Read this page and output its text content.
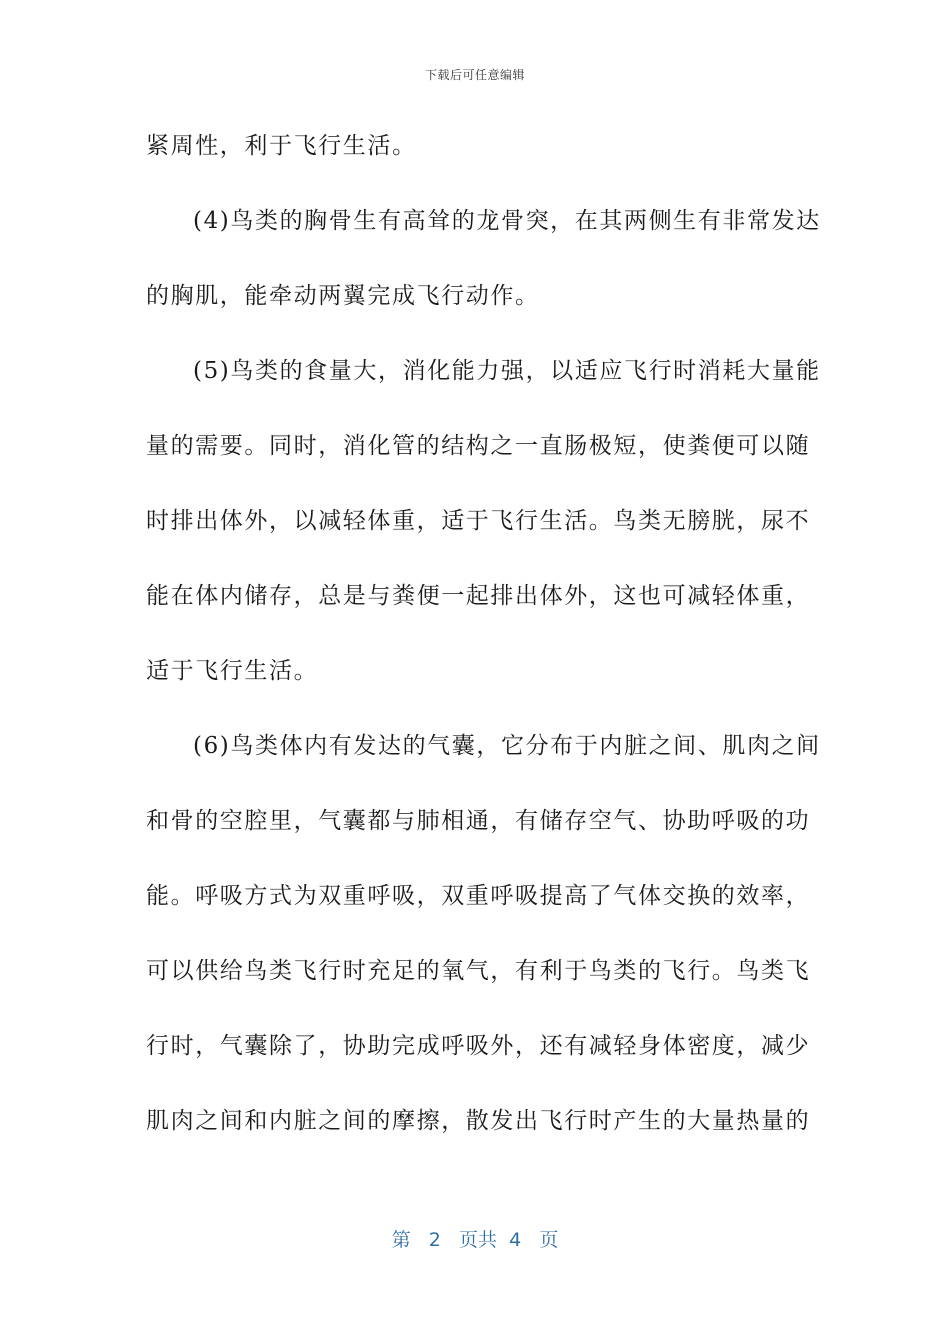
下载后可任意编辑
紧周性，利于飞行生活。
(4)鸟类的胸骨生有高耸的龙骨突，在其两侧生有非常发达
的胸肌，能牵动两翼完成飞行动作。
(5)鸟类的食量大，消化能力强，以适应飞行时消耗大量能
量的需要。同时，消化管的结构之一直肠极短，使粪便可以随
时排出体外，以减轻体重，适于飞行生活。鸟类无膀胱，尿不
能在体内储存，总是与粪便一起排出体外，这也可减轻体重，
适于飞行生活。
(6)鸟类体内有发达的气囊，它分布于内脏之间、肌肉之间
和骨的空腔里，气囊都与肺相通，有储存空气、协助呼吸的功
能。呼吸方式为双重呼吸，双重呼吸提高了气体交换的效率，
可以供给鸟类飞行时充足的氧气，有利于鸟类的飞行。鸟类飞
行时，气囊除了，协助完成呼吸外，还有减轻身体密度，减少
肌肉之间和内脏之间的摩擦，散发出飞行时产生的大量热量的
第 2 页共 4 页
